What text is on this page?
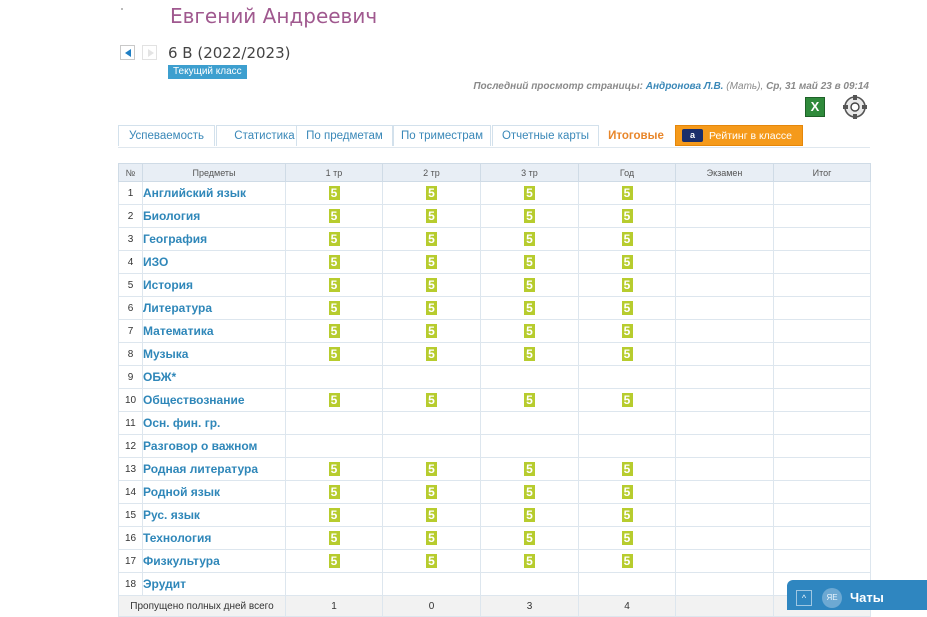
Евгений Андреевич
6 В (2022/2023)
Текущий класс
Последний просмотр страницы: Андронова Л.В. (Мать), Ср, 31 май 23 в 09:14
X
Успеваемость	Статистика По предметам	По триместрам	Отчетные карты	Итоговые	a	Рейтинг в классе
№	Предметы	1 тр	2 тр	3 тр	Год	Экзамен	Итог
1	Английский язык	5	5	5	5		
2	Биология	5	5	5	5		
3	География	5	5	5	5		
4	ИЗО	5	5	5	5		
5	История	5	5	5	5		
6	Литература	5	5	5	5		
7	Математика	5	5	5	5		
8	Музыка	5	5	5	5		
9	ОБЖ*						
10	Обществознание	5	5	5	5		
11	Осн. фин. гр.						
12	Разговор о важном						
13	Родная литература	5	5	5	5		
14	Родной язык	5	5	5	5		
15	Рус. язык	5	5	5	5		
16	Технология	5	5	5	5		
17	Физкультура	5	5	5	5		
18	Эрудит						
Пропущено полных дней всего		1	0	3	4		
^	ЯЕ Чаты
